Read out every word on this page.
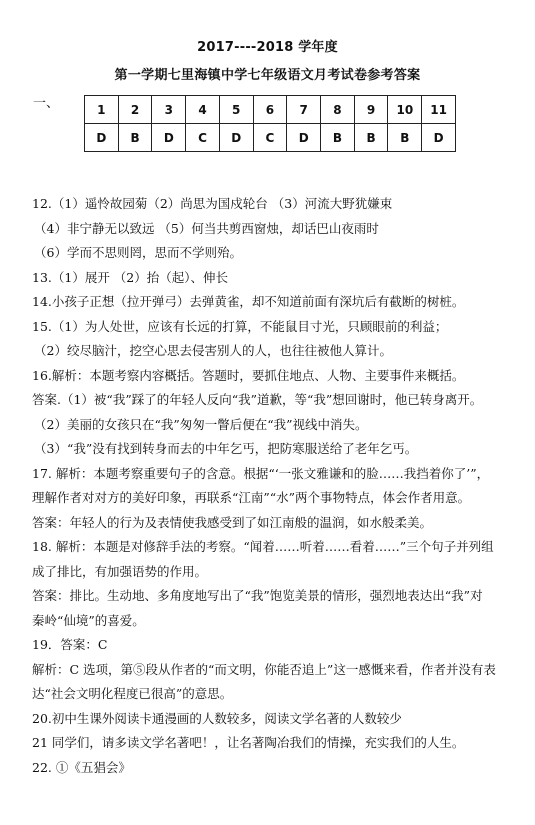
2017----2018 学年度
第一学期七里海镇中学七年级语文月考试卷参考答案
一、	1	2	3	4	5	6	7	8	9	10	11
D	B	D	C	D	C	D	B	B	B	D
12.（1）遥怜故园菊（2）尚思为国戍轮台 （3）河流大野犹嫌束
（4）非宁静无以致远 （5）何当共剪西窗烛，却话巴山夜雨时
（6）学而不思则罔，思而不学则殆。
13.（1）展开 （2）抬（起）、伸长
14.小孩子正想（拉开弹弓）去弹黄雀，却不知道前面有深坑后有截断的树桩。
15.（1）为人处世，应该有长远的打算，不能鼠目寸光，只顾眼前的利益；
（2）绞尽脑汁，挖空心思去侵害别人的人，也往往被他人算计。
16.解析：本题考察内容概括。答题时，要抓住地点、人物、主要事件来概括。
答案.（1）被“我”踩了的年轻人反向“我”道歉，等“我”想回谢时，他已转身离开。
（2）美丽的女孩只在“我”匆匆一瞥后便在“我”视线中消失。
（3）“我”没有找到转身而去的中年乞丐，把防寒服送给了老年乞丐。
17. 解析：本题考察重要句子的含意。根据“‘一张文雅谦和的脸……我挡着你了’”，
理解作者对对方的美好印象，再联系“江南”“水”两个事物特点，体会作者用意。
答案：年轻人的行为及表情使我感受到了如江南般的温润，如水般柔美。
18. 解析：本题是对修辞手法的考察。“闻着……听着……看着……”三个句子并列组
成了排比，有加强语势的作用。
答案：排比。生动地、多角度地写出了“我”饱览美景的情形，强烈地表达出“我”对
秦岭“仙境”的喜爱。
19．答案：C
解析：C 选项，第⑤段从作者的“而文明，你能否追上”这一感慨来看，作者并没有表
达“社会文明化程度已很高”的意思。
20.初中生课外阅读卡通漫画的人数较多，阅读文学名著的人数较少
21 同学们，请多读文学名著吧！，让名著陶冶我们的情操，充实我们的人生。
22. ①《五猖会》
